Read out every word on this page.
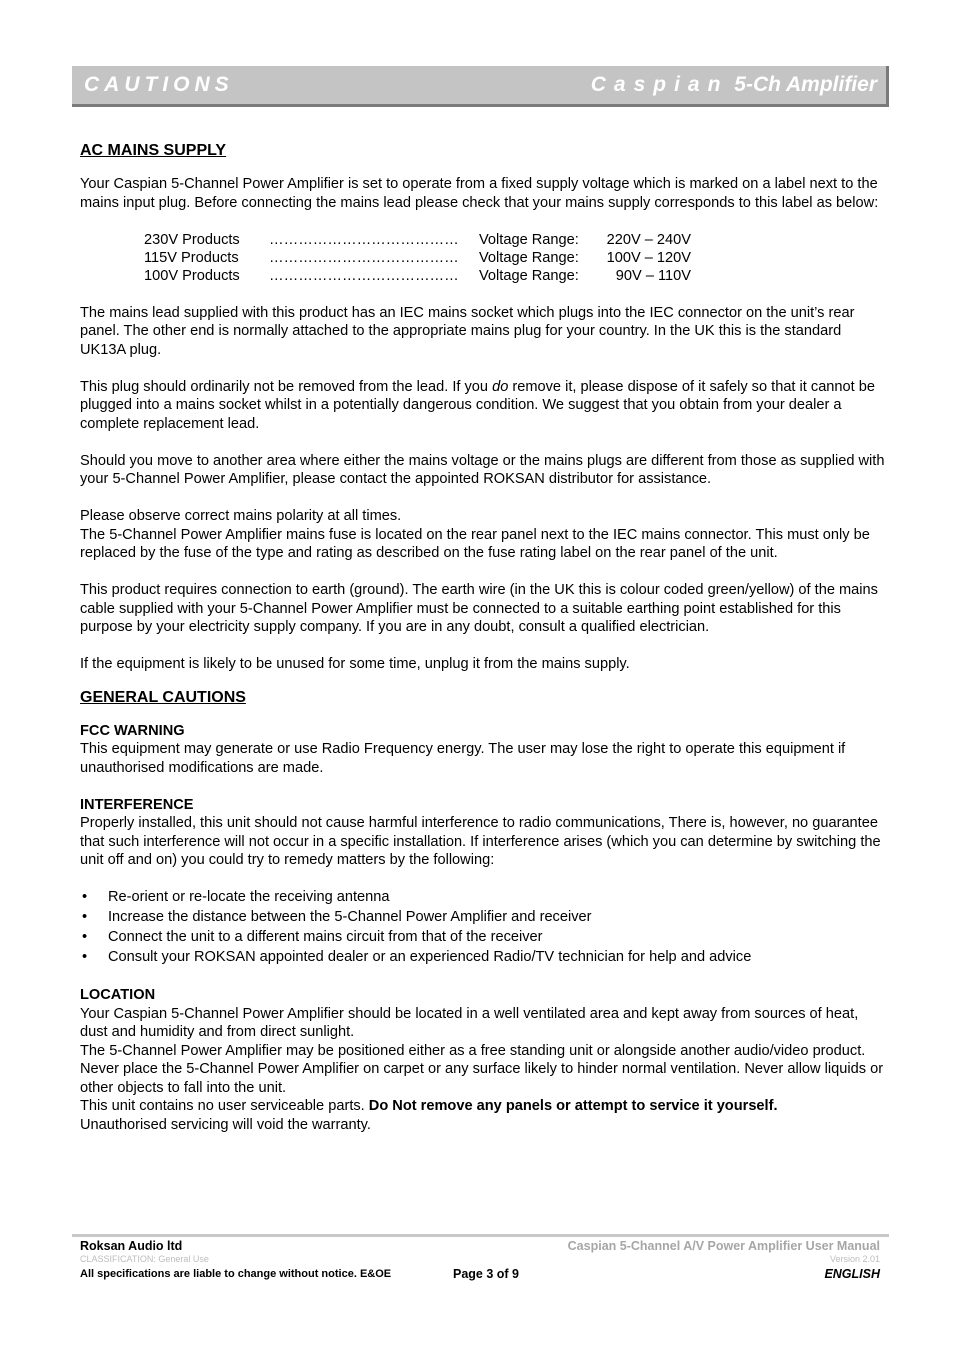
CAUTIONS	Caspian 5-Ch Amplifier
AC MAINS SUPPLY

Your Caspian 5-Channel Power Amplifier is set to operate from a fixed supply voltage which is marked on a label next to the mains input plug. Before connecting the mains lead please check that your mains supply corresponds to this label as below:

230V Products	…………………………………	Voltage Range:	220V – 240V
115V Products	…………………………………	Voltage Range:	100V – 120V
100V Products	…………………………………	Voltage Range:	90V – 110V

The mains lead supplied with this product has an IEC mains socket which plugs into the IEC connector on the unit’s rear panel. The other end is normally attached to the appropriate mains plug for your country. In the UK this is the standard UK13A plug.

This plug should ordinarily not be removed from the lead. If you do remove it, please dispose of it safely so that it cannot be plugged into a mains socket whilst in a potentially dangerous condition. We suggest that you obtain from your dealer a complete replacement lead.

Should you move to another area where either the mains voltage or the mains plugs are different from those as supplied with your 5-Channel Power Amplifier, please contact the appointed ROKSAN distributor for assistance.

Please observe correct mains polarity at all times.

The 5-Channel Power Amplifier mains fuse is located on the rear panel next to the IEC mains connector. This must only be replaced by the fuse of the type and rating as described on the fuse rating label on the rear panel of the unit.

This product requires connection to earth (ground). The earth wire (in the UK this is colour coded green/yellow) of the mains cable supplied with your 5-Channel Power Amplifier must be connected to a suitable earthing point established for this purpose by your electricity supply company. If you are in any doubt, consult a qualified electrician.

If the equipment is likely to be unused for some time, unplug it from the mains supply.

GENERAL CAUTIONS

FCC WARNING

This equipment may generate or use Radio Frequency energy. The user may lose the right to operate this equipment if unauthorised modifications are made.

INTERFERENCE

Properly installed, this unit should not cause harmful interference to radio communications, There is, however, no guarantee that such interference will not occur in a specific installation. If interference arises (which you can determine by switching the unit off and on) you could try to remedy matters by the following:

• Re-orient or re-locate the receiving antenna
• Increase the distance between the 5-Channel Power Amplifier and receiver
• Connect the unit to a different mains circuit from that of the receiver
• Consult your ROKSAN appointed dealer or an experienced Radio/TV technician for help and advice

LOCATION

Your Caspian 5-Channel Power Amplifier should be located in a well ventilated area and kept away from sources of heat, dust and humidity and from direct sunlight.

The 5-Channel Power Amplifier may be positioned either as a free standing unit or alongside another audio/video product. Never place the 5-Channel Power Amplifier on carpet or any surface likely to hinder normal ventilation. Never allow liquids or other objects to fall into the unit.

This unit contains no user serviceable parts. Do Not remove any panels or attempt to service it yourself.

Unauthorised servicing will void the warranty.

Roksan Audio ltd
CLASSIFICATION: General Use
Caspian 5-Channel A/V Power Amplifier User Manual
Version 2.01
All specifications are liable to change without notice. E&OE	Page 3 of 9	ENGLISH
